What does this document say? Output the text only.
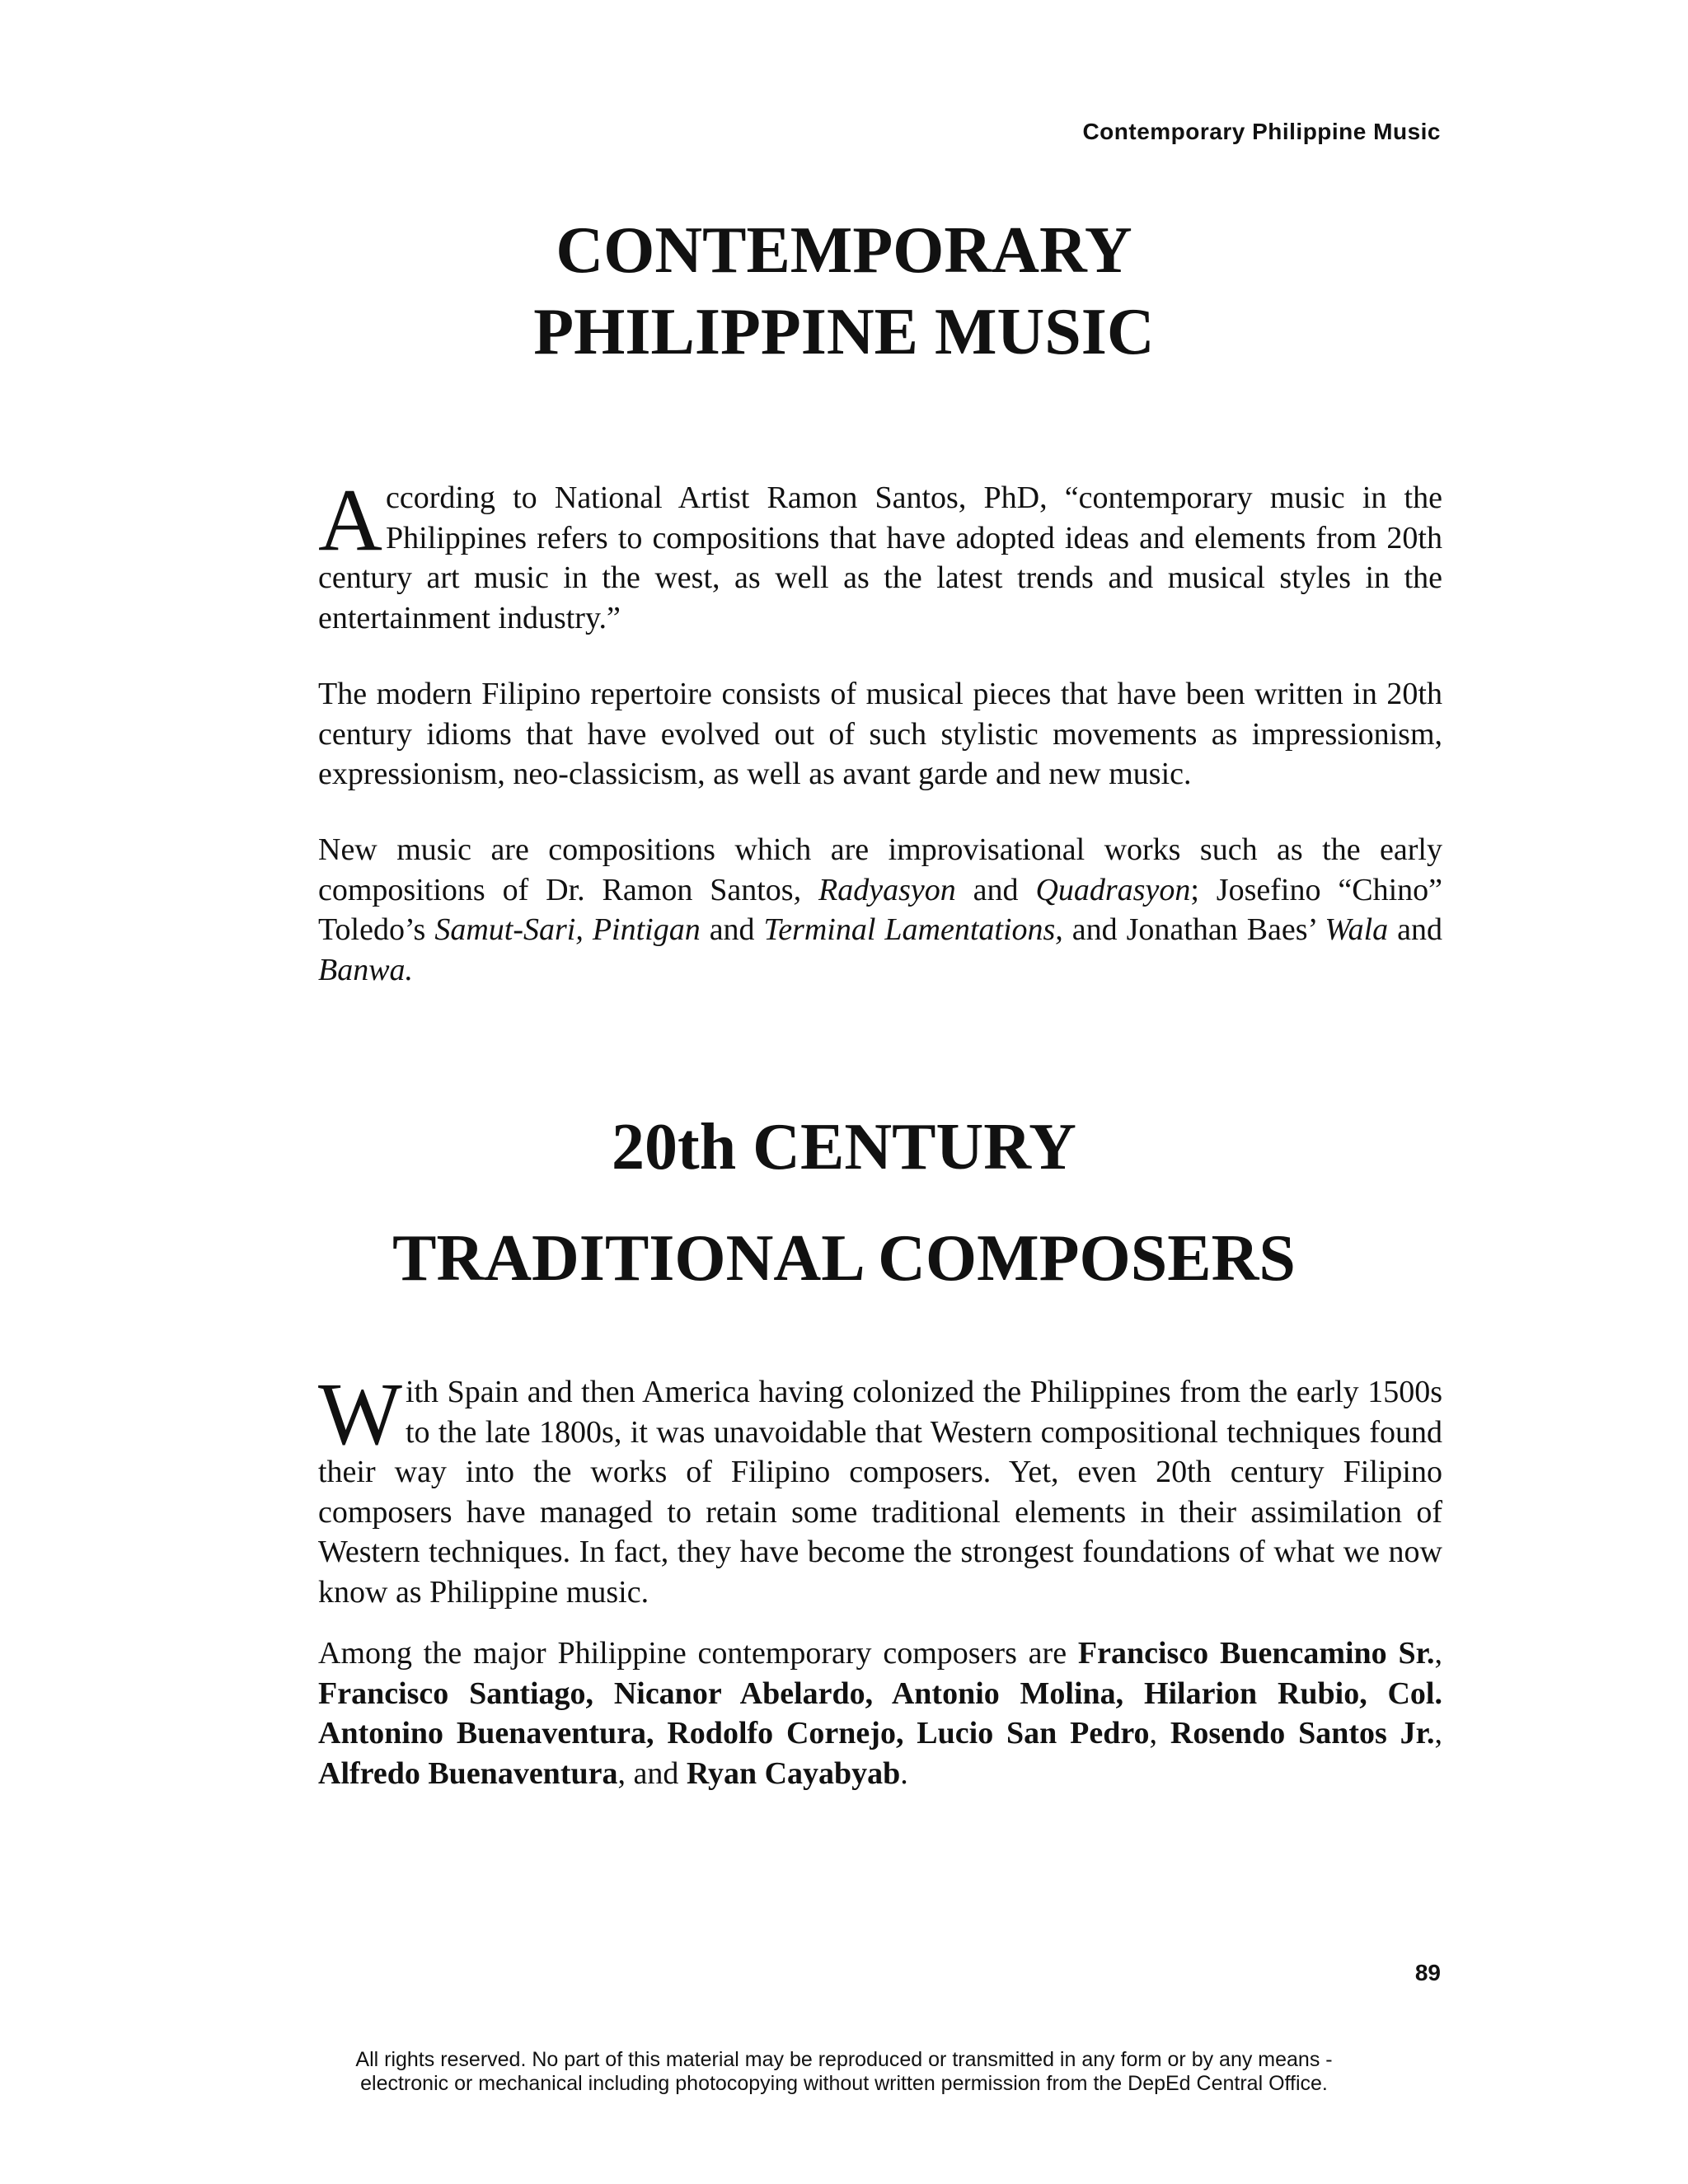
Contemporary Philippine Music
CONTEMPORARY
PHILIPPINE MUSIC

According to National Artist Ramon Santos, PhD, “contemporary music in the Philippines refers to compositions that have adopted ideas and elements from 20th century art music in the west, as well as the latest trends and musical styles in the entertainment industry.”

The modern Filipino repertoire consists of musical pieces that have been written in 20th century idioms that have evolved out of such stylistic movements as impressionism, expressionism, neo-classicism, as well as avant garde and new music.

New music are compositions which are improvisational works such as the early compositions of Dr. Ramon Santos, Radyasyon and Quadrasyon; Josefino “Chino” Toledo’s Samut-Sari, Pintigan and Terminal Lamentations, and Jonathan Baes’ Wala and Banwa.

20th CENTURY
TRADITIONAL COMPOSERS

With Spain and then America having colonized the Philippines from the early 1500s to the late 1800s, it was unavoidable that Western compositional techniques found their way into the works of Filipino composers. Yet, even 20th century Filipino composers have managed to retain some traditional elements in their assimilation of Western techniques. In fact, they have become the strongest foundations of what we now know as Philippine music.

Among the major Philippine contemporary composers are Francisco Buencamino Sr., Francisco Santiago, Nicanor Abelardo, Antonio Molina, Hilarion Rubio, Col. Antonino Buenaventura, Rodolfo Cornejo, Lucio San Pedro, Rosendo Santos Jr., Alfredo Buenaventura, and Ryan Cayabyab.

89
All rights reserved. No part of this material may be reproduced or transmitted in any form or by any means -
electronic or mechanical including photocopying without written permission from the DepEd Central Office.
